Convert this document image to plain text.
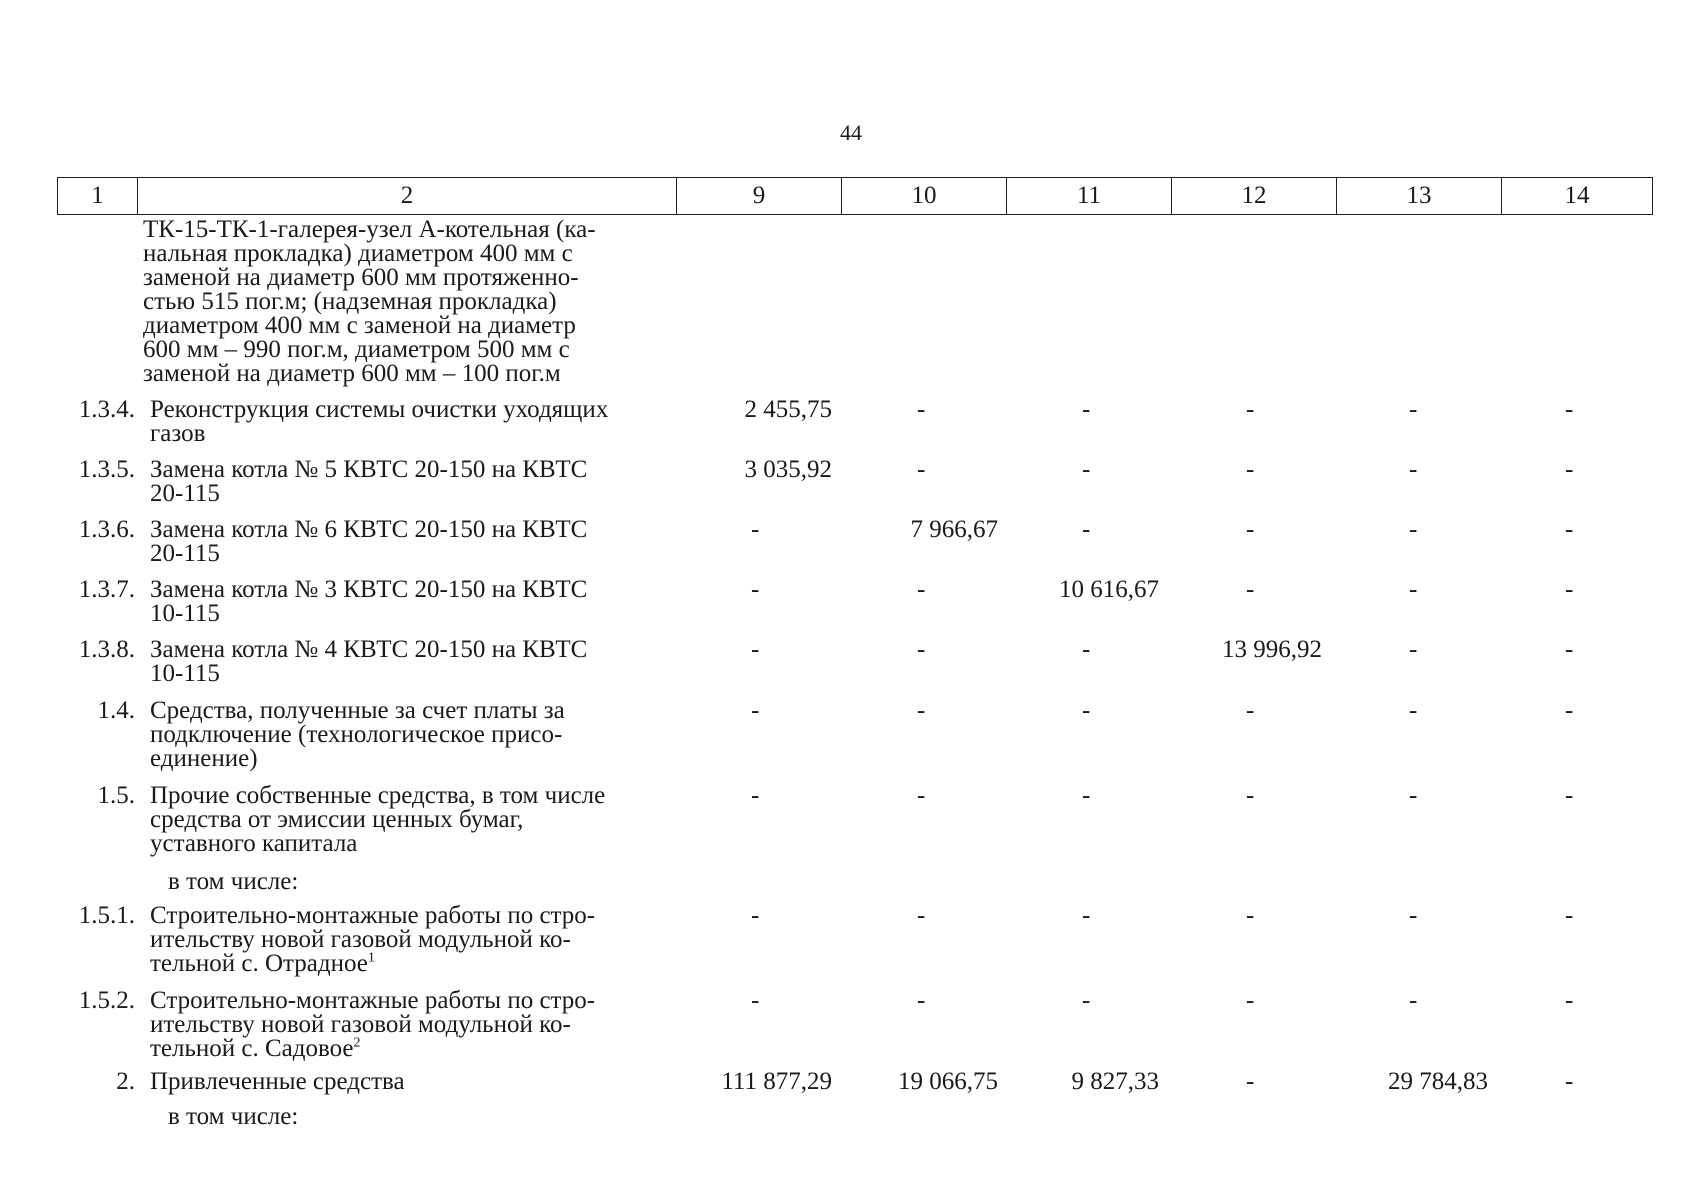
44
1	2	9	10	11	12	13	14
ТК-15-ТК-1-галерея-узел А-котельная (ка-
нальная прокладка) диаметром 400 мм с
заменой на диаметр 600 мм протяженно-
стью 515 пог.м; (надземная прокладка)
диаметром 400 мм с заменой на диаметр
600 мм – 990 пог.м, диаметром 500 мм с
заменой на диаметр 600 мм – 100 пог.м
1.3.4. Реконструкция системы очистки уходящих
газов
2 455,75	-	-	-	-	-
1.3.5. Замена котла № 5 КВТС 20-150 на КВТС
20-115
3 035,92	-	-	-	-	-
1.3.6. Замена котла № 6 КВТС 20-150 на КВТС
20-115
-	7 966,67	-	-	-	-
1.3.7. Замена котла № 3 КВТС 20-150 на КВТС
10-115
-	-	10 616,67	-	-	-
1.3.8. Замена котла № 4 КВТС 20-150 на КВТС
10-115
-	-	-	13 996,92	-	-
1.4. Средства, полученные за счет платы за
подключение (технологическое присо-
единение)
-	-	-	-	-	-
1.5. Прочие собственные средства, в том числе
средства от эмиссии ценных бумаг,
уставного капитала
-	-	-	-	-	-
в том числе:
1.5.1. Строительно-монтажные работы по стро-
ительству новой газовой модульной ко-
тельной с. Отрадное$^1$
-	-	-	-	-	-
1.5.2. Строительно-монтажные работы по стро-
ительству новой газовой модульной ко-
тельной с. Садовое$^2$
-	-	-	-	-	-
2. Привлеченные средства	111 877,29	19 066,75	9 827,33	-	29 784,83	-
в том числе:
